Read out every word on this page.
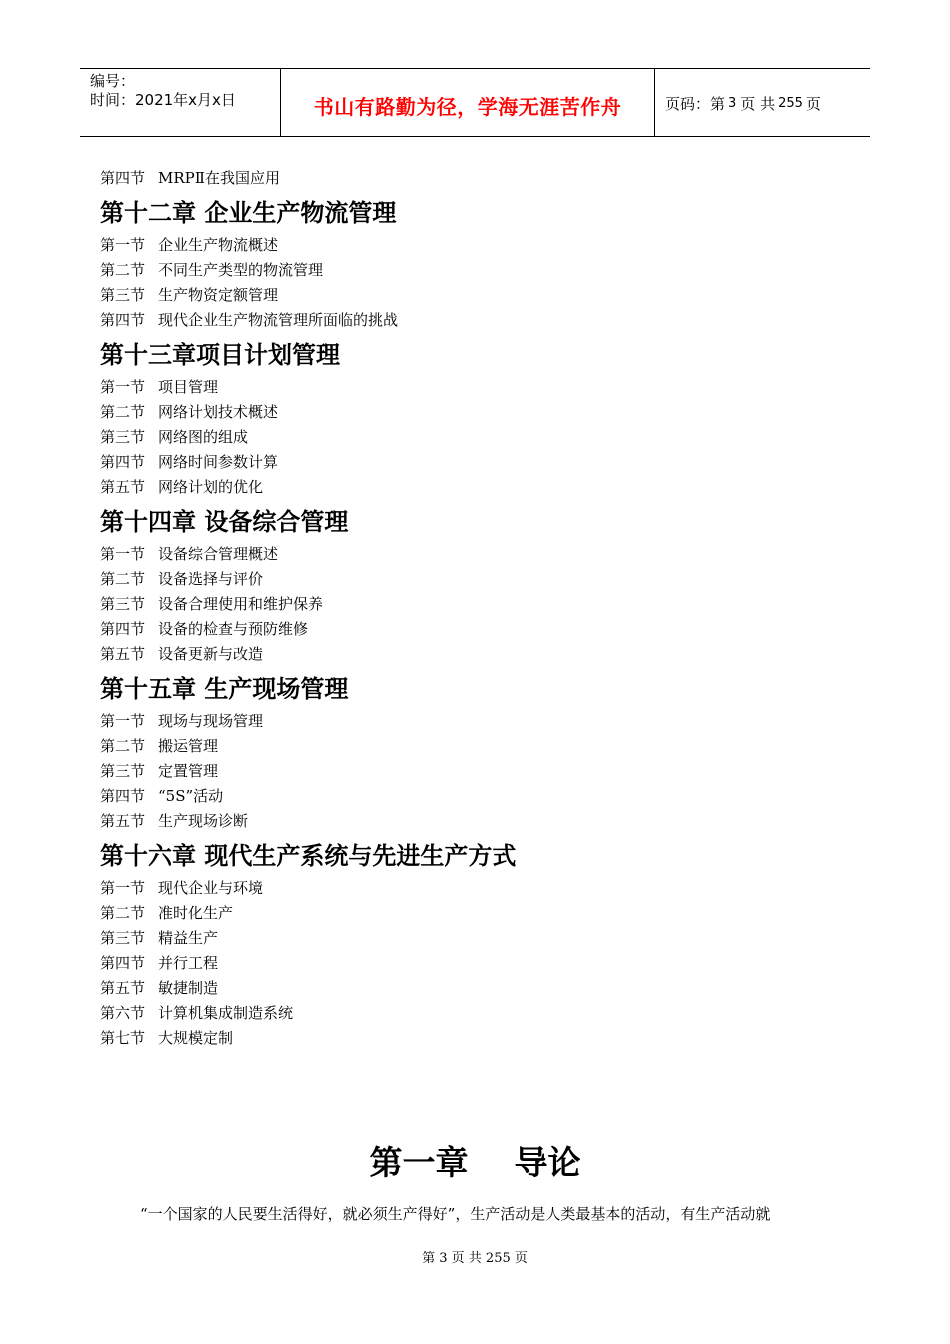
编号：
时间：2021年x月x日	书山有路勤为径，学海无涯苦作舟	页码：第 3 页 共 255 页
第四节 MRPⅡ在我国应用
第十二章 企业生产物流管理
第一节 企业生产物流概述
第二节 不同生产类型的物流管理
第三节 生产物资定额管理
第四节 现代企业生产物流管理所面临的挑战
第十三章项目计划管理
第一节 项目管理
第二节 网络计划技术概述
第三节 网络图的组成
第四节 网络时间参数计算
第五节 网络计划的优化
第十四章 设备综合管理
第一节 设备综合管理概述
第二节 设备选择与评价
第三节 设备合理使用和维护保养
第四节 设备的检查与预防维修
第五节 设备更新与改造
第十五章 生产现场管理
第一节 现场与现场管理
第二节 搬运管理
第三节 定置管理
第四节 “5S”活动
第五节 生产现场诊断
第十六章 现代生产系统与先进生产方式
第一节 现代企业与环境
第二节 准时化生产
第三节 精益生产
第四节 并行工程
第五节 敏捷制造
第六节 计算机集成制造系统
第七节 大规模定制
第一章    导论
“一个国家的人民要生活得好，就必须生产得好”，生产活动是人类最基本的活动，有生产活动就
第 3 页 共 255 页
